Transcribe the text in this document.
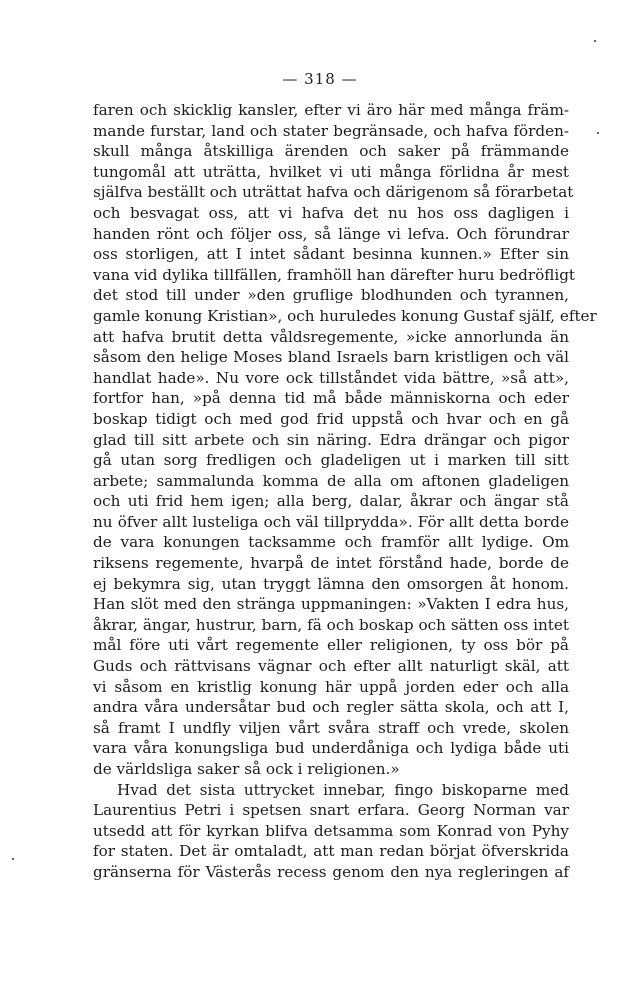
— 318 —
faren och skicklig kansler, efter vi äro här med många främ-
mande furstar, land och stater begränsade, och hafva förden-
skull många åtskilliga ärenden och saker på främmande
tungomål att uträtta, hvilket vi uti många förlidna år mest
själfva beställt och uträttat hafva och därigenom så förarbetat
och besvagat oss, att vi hafva det nu hos oss dagligen i
handen rönt och följer oss, så länge vi lefva. Och förundrar
oss storligen, att I intet sådant besinna kunnen.» Efter sin
vana vid dylika tillfällen, framhöll han därefter huru bedröfligt
det stod till under »den gruflige blodhunden och tyrannen,
gamle konung Kristian», och huruledes konung Gustaf själf, efter
att hafva brutit detta våldsregemente, »icke annorlunda än
såsom den helige Moses bland Israels barn kristligen och väl
handlat hade». Nu vore ock tillståndet vida bättre, »så att»,
fortfor han, »på denna tid må både människorna och eder
boskap tidigt och med god frid uppstå och hvar och en gå
glad till sitt arbete och sin näring. Edra drängar och pigor
gå utan sorg fredligen och gladeligen ut i marken till sitt
arbete; sammalunda komma de alla om aftonen gladeligen
och uti frid hem igen; alla berg, dalar, åkrar och ängar stå
nu öfver allt lusteliga och väl tillprydda». För allt detta borde
de vara konungen tacksamme och framför allt lydige. Om
riksens regemente, hvarpå de intet förstånd hade, borde de
ej bekymra sig, utan tryggt lämna den omsorgen åt honom.
Han slöt med den stränga uppmaningen: »Vakten I edra hus,
åkrar, ängar, hustrur, barn, fä och boskap och sätten oss intet
mål före uti vårt regemente eller religionen, ty oss bör på
Guds och rättvisans vägnar och efter allt naturligt skäl, att
vi såsom en kristlig konung här uppå jorden eder och alla
andra våra undersåtar bud och regler sätta skola, och att I,
så framt I undfly viljen vårt svåra straff och vrede, skolen
vara våra konungsliga bud underdåniga och lydiga både uti
de världsliga saker så ock i religionen.»
Hvad det sista uttrycket innebar, fingo biskoparne med
Laurentius Petri i spetsen snart erfara. Georg Norman var
utsedd att för kyrkan blifva detsamma som Konrad von Pyhy
for staten. Det är omtaladt, att man redan börjat öfverskrida
gränserna för Västerås recess genom den nya regleringen af
